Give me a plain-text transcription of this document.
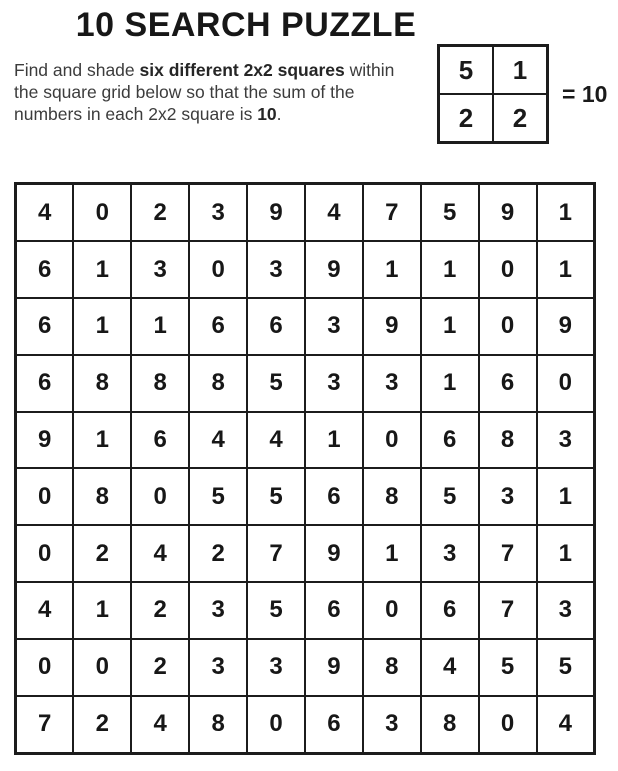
10 SEARCH PUZZLE

Find and shade six different 2x2 squares within the square grid below so that the sum of the numbers in each 2x2 square is 10.

5	1
2	2
= 10
4	0	2	3	9	4	7	5	9	1
6	1	3	0	3	9	1	1	0	1
6	1	1	6	6	3	9	1	0	9
6	8	8	8	5	3	3	1	6	0
9	1	6	4	4	1	0	6	8	3
0	8	0	5	5	6	8	5	3	1
0	2	4	2	7	9	1	3	7	1
4	1	2	3	5	6	0	6	7	3
0	0	2	3	3	9	8	4	5	5
7	2	4	8	0	6	3	8	0	4
